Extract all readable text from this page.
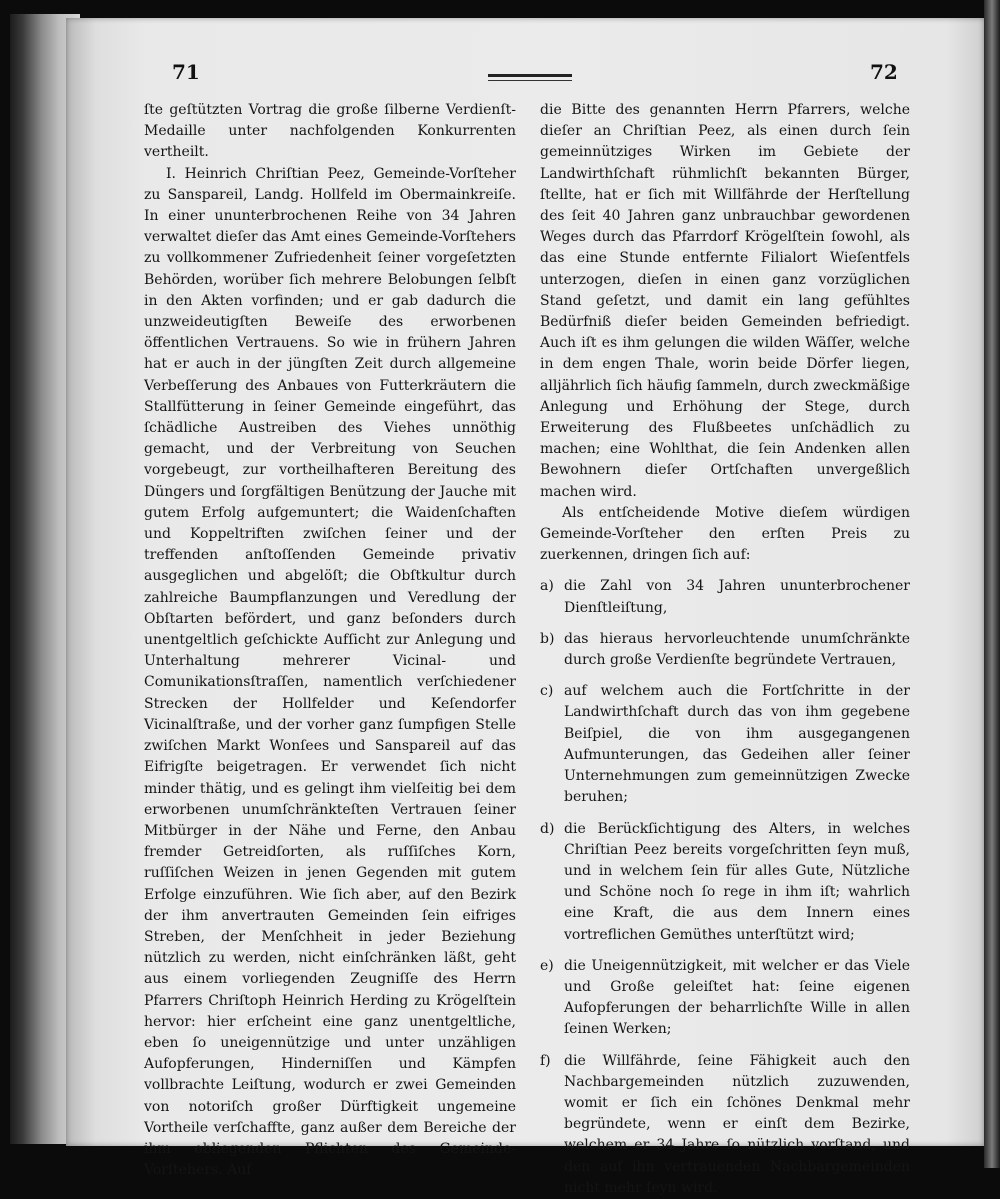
71	72

ſte geſtützten Vortrag die große ſilberne Verdienſt-Medaille unter nachfolgenden Konkurrenten vertheilt.

I. Heinrich Chriſtian Peez, Gemeinde-Vorſteher zu Sanspareil, Landg. Hollfeld im Obermainkreiſe. In einer ununterbrochenen Reihe von 34 Jahren verwaltet dieſer das Amt eines Gemeinde-Vorſtehers zu vollkommener Zufriedenheit ſeiner vorgeſetzten Behörden, worüber ſich mehrere Belobungen ſelbſt in den Akten vorfinden; und er gab dadurch die unzweideutigſten Beweiſe des erworbenen öffentlichen Vertrauens. So wie in frühern Jahren hat er auch in der jüngſten Zeit durch allgemeine Verbeſſerung des Anbaues von Futterkräutern die Stallfütterung in ſeiner Gemeinde eingeführt, das ſchädliche Austreiben des Viehes unnöthig gemacht, und der Verbreitung von Seuchen vorgebeugt, zur vortheilhafteren Bereitung des Düngers und ſorgfältigen Benützung der Jauche mit gutem Erfolg aufgemuntert; die Waidenſchaften und Koppeltriften zwiſchen ſeiner und der treffenden anſtoſſenden Gemeinde privativ ausgeglichen und abgelöſt; die Obſtkultur durch zahlreiche Baumpflanzungen und Veredlung der Obſtarten befördert, und ganz beſonders durch unentgeltlich geſchickte Aufſicht zur Anlegung und Unterhaltung mehrerer Vicinal- und Comunikationsſtraſſen, namentlich verſchiedener Strecken der Hollfelder und Keſendorfer Vicinalſtraße, und der vorher ganz ſumpfigen Stelle zwiſchen Markt Wonſees und Sanspareil auf das Eifrigſte beigetragen. Er verwendet ſich nicht minder thätig, und es gelingt ihm vielſeitig bei dem erworbenen unumſchränkteſten Vertrauen ſeiner Mitbürger in der Nähe und Ferne, den Anbau fremder Getreidſorten, als ruſſiſches Korn, ruſſiſchen Weizen in jenen Gegenden mit gutem Erfolge einzuführen. Wie ſich aber, auf den Bezirk der ihm anvertrauten Gemeinden ſein eifriges Streben, der Menſchheit in jeder Beziehung nützlich zu werden, nicht einſchränken läßt, geht aus einem vorliegenden Zeugniſſe des Herrn Pfarrers Chriſtoph Heinrich Herding zu Krögelſtein hervor: hier erſcheint eine ganz unentgeltliche, eben ſo uneigennützige und unter unzähligen Aufopferungen, Hinderniſſen und Kämpfen vollbrachte Leiſtung, wodurch er zwei Gemeinden von notoriſch großer Dürftigkeit ungemeine Vortheile verſchaffte, ganz außer dem Bereiche der ihm obliegenden Pflichten des Gemeinde-Vorſtehers. Auf

die Bitte des genannten Herrn Pfarrers, welche dieſer an Chriſtian Peez, als einen durch ſein gemeinnütziges Wirken im Gebiete der Landwirthſchaft rühmlichſt bekannten Bürger, ſtellte, hat er ſich mit Willfährde der Herſtellung des ſeit 40 Jahren ganz unbrauchbar gewordenen Weges durch das Pfarrdorf Krögelſtein ſowohl, als das eine Stunde entfernte Filialort Wieſentfels unterzogen, dieſen in einen ganz vorzüglichen Stand geſetzt, und damit ein lang gefühltes Bedürfniß dieſer beiden Gemeinden befriedigt. Auch iſt es ihm gelungen die wilden Wäſſer, welche in dem engen Thale, worin beide Dörfer liegen, alljährlich ſich häufig ſammeln, durch zweckmäßige Anlegung und Erhöhung der Stege, durch Erweiterung des Flußbeetes unſchädlich zu machen; eine Wohlthat, die ſein Andenken allen Bewohnern dieſer Ortſchaften unvergeßlich machen wird.

Als entſcheidende Motive dieſem würdigen Gemeinde-Vorſteher den erſten Preis zu zuerkennen, dringen ſich auf:

a) die Zahl von 34 Jahren ununterbrochener Dienſtleiſtung,
b) das hieraus hervorleuchtende unumſchränkte durch große Verdienſte begründete Vertrauen,
c) auf welchem auch die Fortſchritte in der Landwirthſchaft durch das von ihm gegebene Beiſpiel, die von ihm ausgegangenen Aufmunterungen, das Gedeihen aller ſeiner Unternehmungen zum gemeinnützigen Zwecke beruhen;
d) die Berückſichtigung des Alters, in welches Chriſtian Peez bereits vorgeſchritten ſeyn muß, und in welchem ſein für alles Gute, Nützliche und Schöne noch ſo rege in ihm iſt; wahrlich eine Kraft, die aus dem Innern eines vortreflichen Gemüthes unterſtützt wird;
e) die Uneigennützigkeit, mit welcher er das Viele und Große geleiſtet hat: ſeine eigenen Aufopferungen der beharrlichſte Wille in allen ſeinen Werken;
f) die Willfährde, ſeine Fähigkeit auch den Nachbargemeinden nützlich zuzuwenden, womit er ſich ein ſchönes Denkmal mehr begründete, wenn er einſt dem Bezirke, welchem er 34 Jahre ſo nützlich vorſtand, und den auf ihn vertrauenden Nachbargemeinden nicht mehr ſeyn wird.
